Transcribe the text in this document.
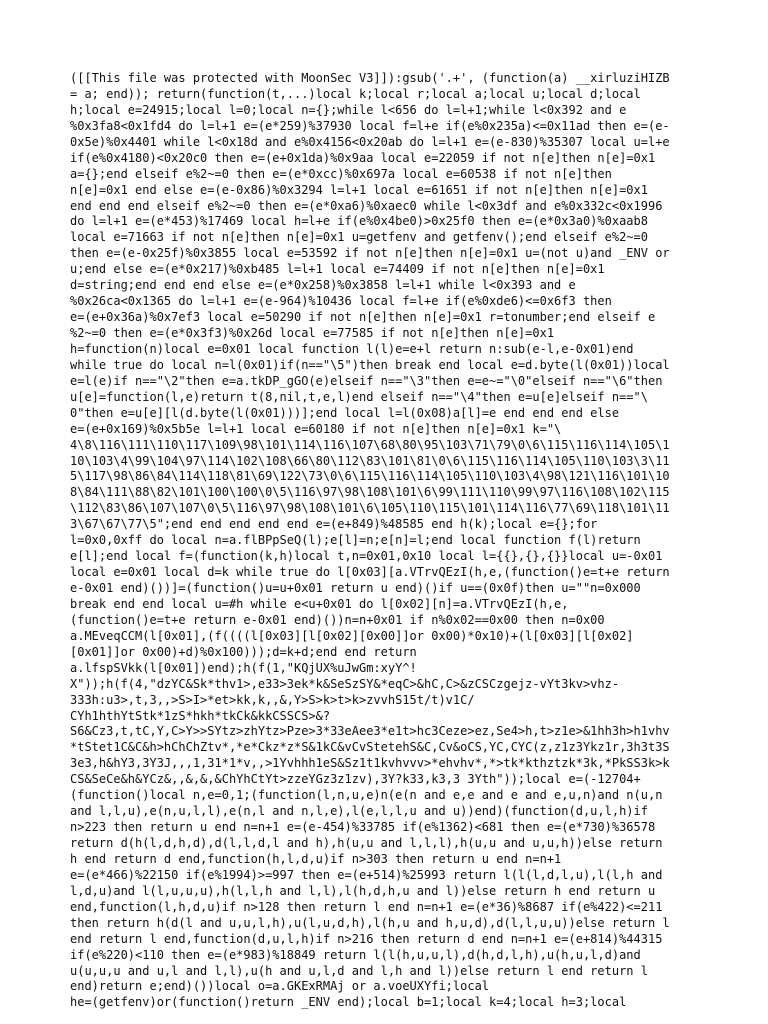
([[This file was protected with MoonSec V3]]):gsub('.+', (function(a) __xirluziHIZB
= a; end)); return(function(t,...)local k;local r;local a;local u;local d;local
h;local e=24915;local l=0;local n={};while l<656 do l=l+1;while l<0x392 and e
%0x3fa8<0x1fd4 do l=l+1 e=(e*259)%37930 local f=l+e if(e%0x235a)<=0x11ad then e=(e-
0x5e)%0x4401 while l<0x18d and e%0x4156<0x20ab do l=l+1 e=(e-830)%35307 local u=l+e
if(e%0x4180)<0x20c0 then e=(e+0x1da)%0x9aa local e=22059 if not n[e]then n[e]=0x1
a={};end elseif e%2~=0 then e=(e*0xcc)%0x697a local e=60538 if not n[e]then
n[e]=0x1 end else e=(e-0x86)%0x3294 l=l+1 local e=61651 if not n[e]then n[e]=0x1
end end end elseif e%2~=0 then e=(e*0xa6)%0xaec0 while l<0x3df and e%0x332c<0x1996
do l=l+1 e=(e*453)%17469 local h=l+e if(e%0x4be0)>0x25f0 then e=(e*0x3a0)%0xaab8
local e=71663 if not n[e]then n[e]=0x1 u=getfenv and getfenv();end elseif e%2~=0
then e=(e-0x25f)%0x3855 local e=53592 if not n[e]then n[e]=0x1 u=(not u)and _ENV or
u;end else e=(e*0x217)%0xb485 l=l+1 local e=74409 if not n[e]then n[e]=0x1
d=string;end end end else e=(e*0x258)%0x3858 l=l+1 while l<0x393 and e
%0x26ca<0x1365 do l=l+1 e=(e-964)%10436 local f=l+e if(e%0xde6)<=0x6f3 then
e=(e+0x36a)%0x7ef3 local e=50290 if not n[e]then n[e]=0x1 r=tonumber;end elseif e
%2~=0 then e=(e*0x3f3)%0x26d local e=77585 if not n[e]then n[e]=0x1
h=function(n)local e=0x01 local function l(l)e=e+l return n:sub(e-l,e-0x01)end
while true do local n=l(0x01)if(n=="\5")then break end local e=d.byte(l(0x01))local
e=l(e)if n=="\2"then e=a.tkDP_gGO(e)elseif n=="\3"then e=e~="\0"elseif n=="\6"then
u[e]=function(l,e)return t(8,nil,t,e,l)end elseif n=="\4"then e=u[e]elseif n=="\
0"then e=u[e][l(d.byte(l(0x01)))];end local l=l(0x08)a[l]=e end end end else
e=(e+0x169)%0x5b5e l=l+1 local e=60180 if not n[e]then n[e]=0x1 k="\
4\8\116\111\110\117\109\98\101\114\116\107\68\80\95\103\71\79\0\6\115\116\114\105\1
10\103\4\99\104\97\114\102\108\66\80\112\83\101\81\0\6\115\116\114\105\110\103\3\11
5\117\98\86\84\114\118\81\69\122\73\0\6\115\116\114\105\110\103\4\98\121\116\101\10
8\84\111\88\82\101\100\100\0\5\116\97\98\108\101\6\99\111\110\99\97\116\108\102\115
\112\83\86\107\107\0\5\116\97\98\108\101\6\105\110\115\101\114\116\77\69\118\101\11
3\67\67\77\5";end end end end end e=(e+849)%48585 end h(k);local e={};for
l=0x0,0xff do local n=a.flBPpSeQ(l);e[l]=n;e[n]=l;end local function f(l)return
e[l];end local f=(function(k,h)local t,n=0x01,0x10 local l={{},{},{}}local u=-0x01
local e=0x01 local d=k while true do l[0x03][a.VTrvQEzI(h,e,(function()e=t+e return
e-0x01 end)())]=(function()u=u+0x01 return u end)()if u==(0x0f)then u=""n=0x000
break end end local u=#h while e<u+0x01 do l[0x02][n]=a.VTrvQEzI(h,e,
(function()e=t+e return e-0x01 end)())n=n+0x01 if n%0x02==0x00 then n=0x00
a.MEveqCCM(l[0x01],(f((((l[0x03][l[0x02][0x00]]or 0x00)*0x10)+(l[0x03][l[0x02]
[0x01]]or 0x00)+d)%0x100)));d=k+d;end end return
a.lfspSVkk(l[0x01])end);h(f(1,"KQjUX%uJwGm:xyY^!
X"));h(f(4,"dzYC&Sk*thv1>,e33>3ek*k&SeSzSY&*eqC>&hC,C>&zCSCzgejz-vYt3kv>vhz-
333h:u3>,t,3,,>S>I>*et>kk,k,,&,Y>S>k>t>k>zvvhS15t/t)v1C/
CYh1hthYtStk*1zS*hkh*tkCk&kkCSSCS>&?
S6&Cz3,t,tC,Y,C>Y>>SYtz>zhYtz>Pze>3*33eAee3*e1t>hc3Ceze>ez,Se4>h,t>z1e>&1hh3h>h1vhv
*tStet1C&C&h>hChChZtv*,*e*Ckz*z*S&1kC&vCvStetehS&C,Cv&oCS,YC,CYC(z,z1z3Ykz1r,3h3t3S
3e3,h&hY3,3Y3J,,,1,31*1*v,,>1Yvhhh1eS&Sz1t1kvhvvv>*ehvhv*,*>tk*kthztzk*3k,*PkSS3k>k
CS&SeCe&h&YCz&,,&,&,&ChYhCtYt>zzeYGz3z1zv),3Y?k33,k3,3 3Yth"));local e=(-12704+
(function()local n,e=0,1;(function(l,n,u,e)n(e(n and e,e and e and e,u,n)and n(u,n
and l,l,u),e(n,u,l,l),e(n,l and n,l,e),l(e,l,l,u and u))end)(function(d,u,l,h)if
n>223 then return u end n=n+1 e=(e-454)%33785 if(e%1362)<681 then e=(e*730)%36578
return d(h(l,d,h,d),d(l,l,d,l and h),h(u,u and l,l,l),h(u,u and u,u,h))else return
h end return d end,function(h,l,d,u)if n>303 then return u end n=n+1
e=(e*466)%22150 if(e%1994)>=997 then e=(e+514)%25993 return l(l(l,d,l,u),l(l,h and
l,d,u)and l(l,u,u,u),h(l,l,h and l,l),l(h,d,h,u and l))else return h end return u
end,function(l,h,d,u)if n>128 then return l end n=n+1 e=(e*36)%8687 if(e%422)<=211
then return h(d(l and u,u,l,h),u(l,u,d,h),l(h,u and h,u,d),d(l,l,u,u))else return l
end return l end,function(d,u,l,h)if n>216 then return d end n=n+1 e=(e+814)%44315
if(e%220)<110 then e=(e*983)%18849 return l(l(h,u,u,l),d(h,d,l,h),u(h,u,l,d)and
u(u,u,u and u,l and l,l),u(h and u,l,d and l,h and l))else return l end return l
end)return e;end)())local o=a.GKExRMAj or a.voeUXYfi;local
he=(getfenv)or(function()return _ENV end);local b=1;local k=4;local h=3;local
